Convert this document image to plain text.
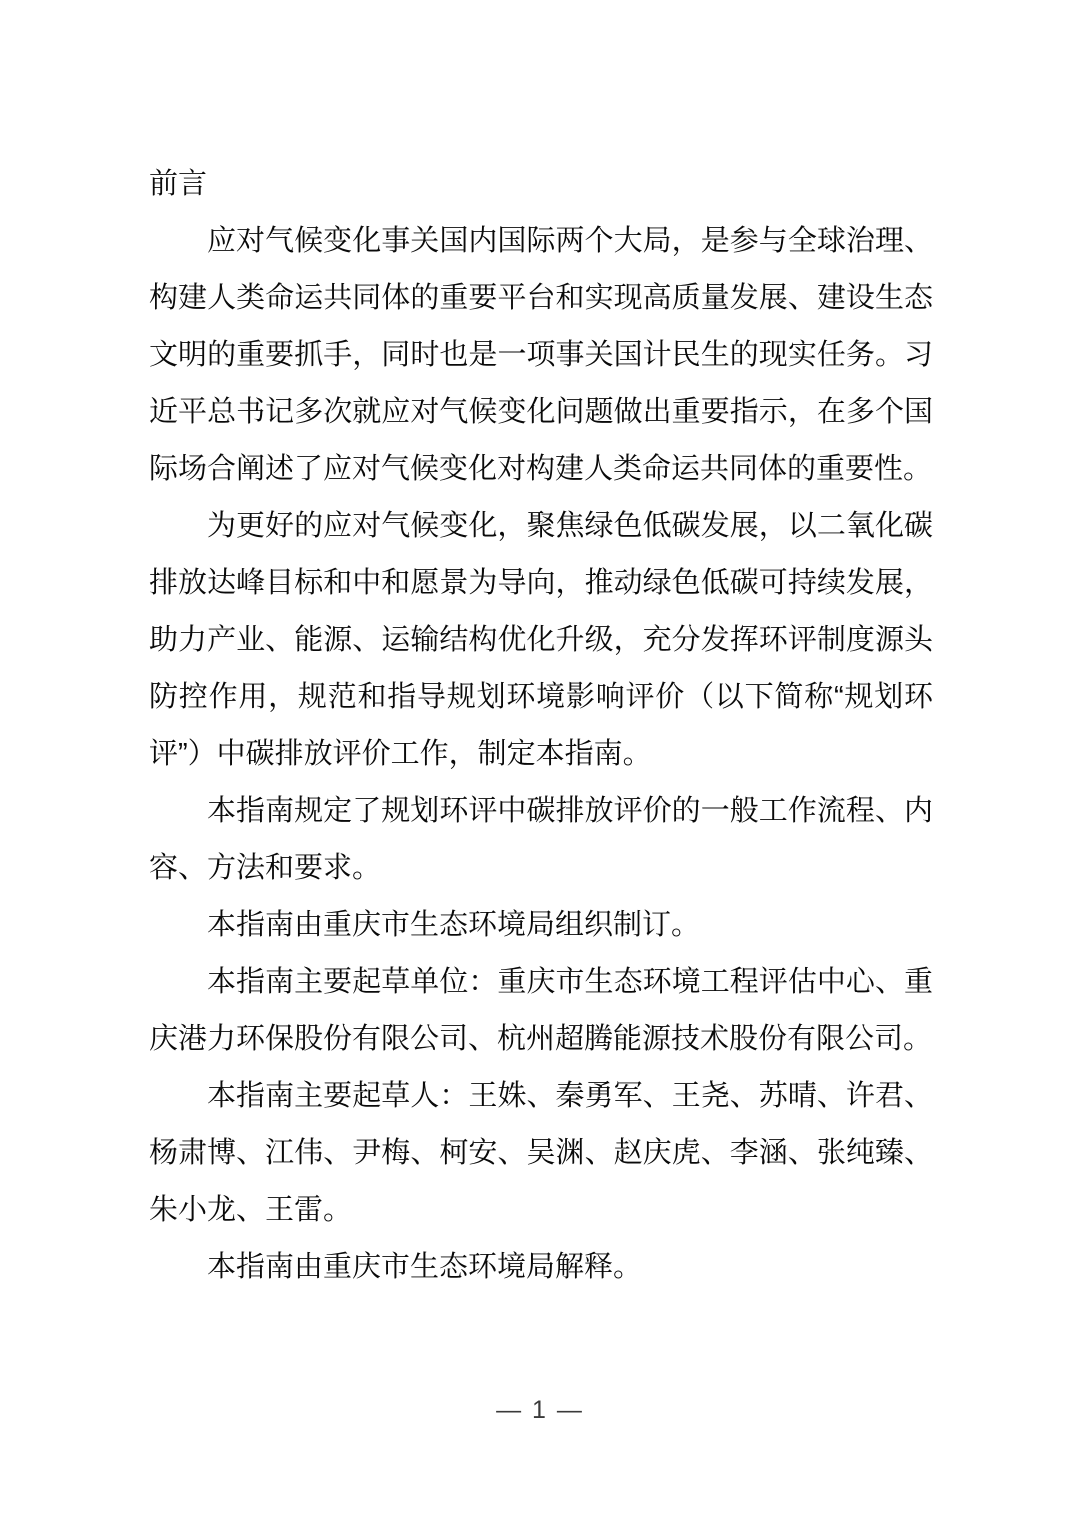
前言

应对气候变化事关国内国际两个大局，是参与全球治理、构建人类命运共同体的重要平台和实现高质量发展、建设生态文明的重要抓手，同时也是一项事关国计民生的现实任务。习近平总书记多次就应对气候变化问题做出重要指示，在多个国际场合阐述了应对气候变化对构建人类命运共同体的重要性。

为更好的应对气候变化，聚焦绿色低碳发展，以二氧化碳排放达峰目标和中和愿景为导向，推动绿色低碳可持续发展，助力产业、能源、运输结构优化升级，充分发挥环评制度源头防控作用，规范和指导规划环境影响评价（以下简称“规划环评”）中碳排放评价工作，制定本指南。

本指南规定了规划环评中碳排放评价的一般工作流程、内容、方法和要求。

本指南由重庆市生态环境局组织制订。

本指南主要起草单位：重庆市生态环境工程评估中心、重庆港力环保股份有限公司、杭州超腾能源技术股份有限公司。

本指南主要起草人：王姝、秦勇军、王尧、苏晴、许君、杨肃博、江伟、尹梅、柯安、吴渊、赵庆虎、李涵、张纯臻、朱小龙、王雷。

本指南由重庆市生态环境局解释。

— 1 —
